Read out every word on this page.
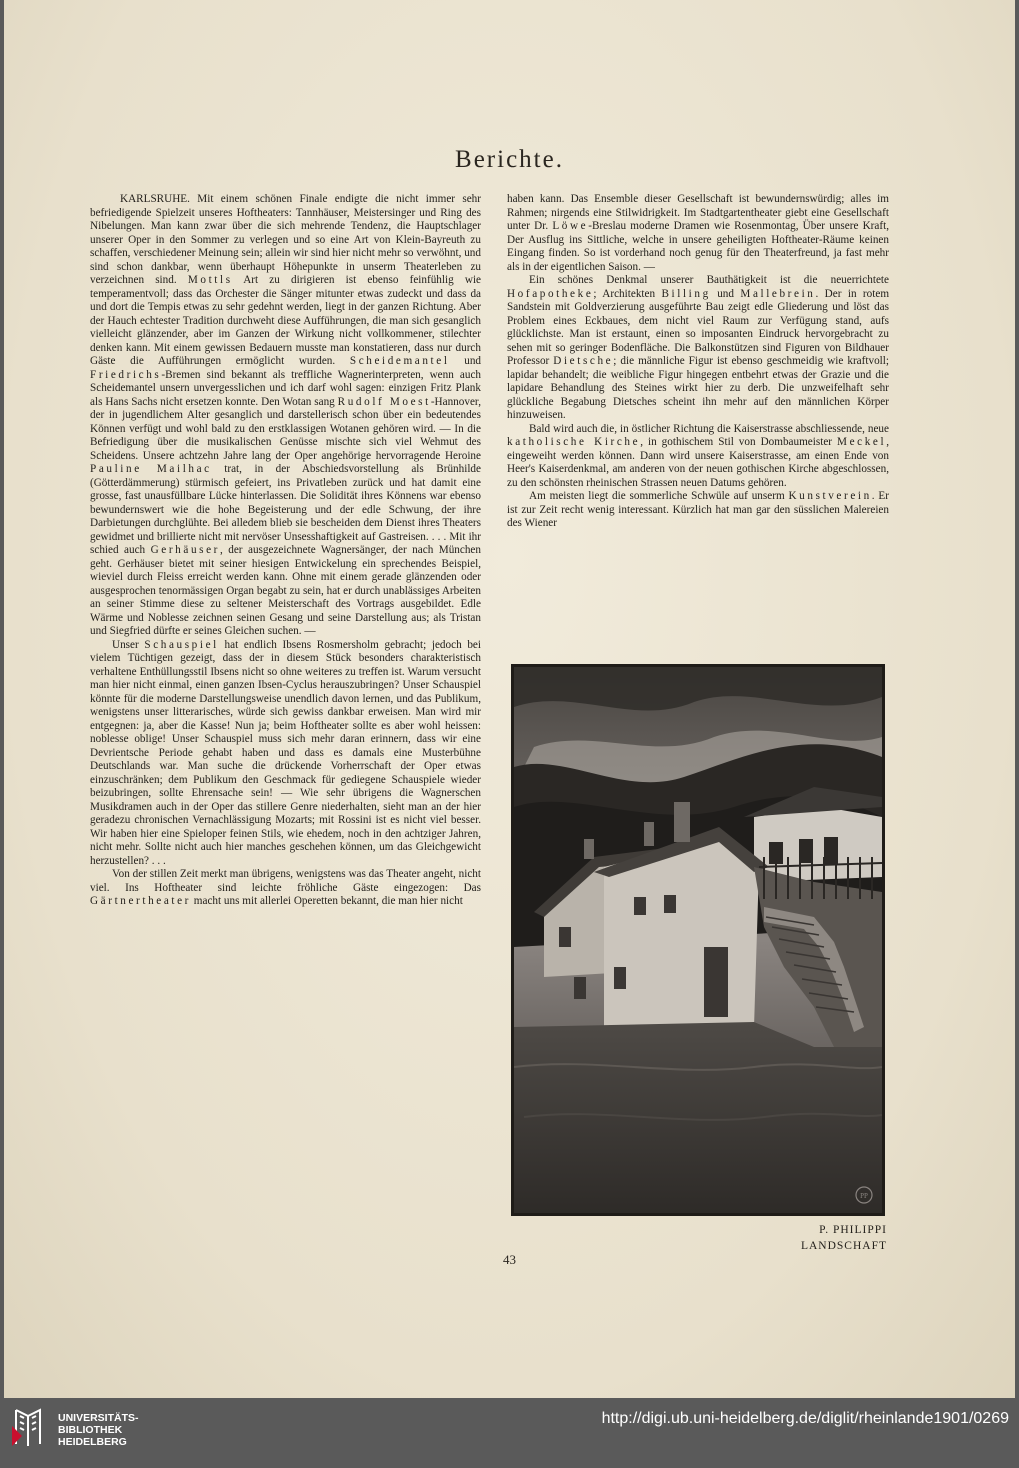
Berichte.

KARLSRUHE. Mit einem schönen Finale endigte die nicht immer sehr befriedigende Spielzeit unseres Hoftheaters: Tannhäuser, Meistersinger und Ring des Nibelungen. Man kann zwar über die sich mehrende Tendenz, die Hauptschlager unserer Oper in den Sommer zu verlegen und so eine Art von Klein-Bayreuth zu schaffen, verschiedener Meinung sein; allein wir sind hier nicht mehr so verwöhnt, und sind schon dankbar, wenn überhaupt Höhepunkte in unserm Theaterleben zu verzeichnen sind. Mottls Art zu dirigieren ist ebenso feinfühlig wie temperamentvoll; dass das Orchester die Sänger mitunter etwas zudeckt und dass da und dort die Tempis etwas zu sehr gedehnt werden, liegt in der ganzen Richtung. Aber der Hauch echtester Tradition durchweht diese Aufführungen, die man sich gesanglich vielleicht glänzender, aber im Ganzen der Wirkung nicht vollkommener, stilechter denken kann. Mit einem gewissen Bedauern musste man konstatieren, dass nur durch Gäste die Aufführungen ermöglicht wurden. Scheidemantel und Friedrichs-Bremen sind bekannt als treffliche Wagnerinterpreten, wenn auch Scheidemantel unsern unvergesslichen und ich darf wohl sagen: einzigen Fritz Plank als Hans Sachs nicht ersetzen konnte. Den Wotan sang Rudolf Moest-Hannover, der in jugendlichem Alter gesanglich und darstellerisch schon über ein bedeutendes Können verfügt und wohl bald zu den erstklassigen Wotanen gehören wird. — In die Befriedigung über die musikalischen Genüsse mischte sich viel Wehmut des Scheidens. Unsere achtzehn Jahre lang der Oper angehörige hervorragende Heroine Pauline Mailhac trat, in der Abschiedsvorstellung als Brünhilde (Götterdämmerung) stürmisch gefeiert, ins Privatleben zurück und hat damit eine grosse, fast unausfüllbare Lücke hinterlassen. Die Solidität ihres Könnens war ebenso bewundernswert wie die hohe Begeisterung und der edle Schwung, der ihre Darbietungen durchglühte. Bei alledem blieb sie bescheiden dem Dienst ihres Theaters gewidmet und brillierte nicht mit nervöser Unsesshaftigkeit auf Gastreisen. . . . Mit ihr schied auch Gerhäuser, der ausgezeichnete Wagnersänger, der nach München geht. Gerhäuser bietet mit seiner hiesigen Entwickelung ein sprechendes Beispiel, wieviel durch Fleiss erreicht werden kann. Ohne mit einem gerade glänzenden oder ausgesprochen tenormässigen Organ begabt zu sein, hat er durch unablässiges Arbeiten an seiner Stimme diese zu seltener Meisterschaft des Vortrags ausgebildet. Edle Wärme und Noblesse zeichnen seinen Gesang und seine Darstellung aus; als Tristan und Siegfried dürfte er seines Gleichen suchen. —

Unser Schauspiel hat endlich Ibsens Rosmersholm gebracht; jedoch bei vielem Tüchtigen gezeigt, dass der in diesem Stück besonders charakteristisch verhaltene Enthüllungsstil Ibsens nicht so ohne weiteres zu treffen ist. Warum versucht man hier nicht einmal, einen ganzen Ibsen-Cyclus herauszubringen? Unser Schauspiel könnte für die moderne Darstellungsweise unendlich davon lernen, und das Publikum, wenigstens unser litterarisches, würde sich gewiss dankbar erweisen. Man wird mir entgegnen: ja, aber die Kasse! Nun ja; beim Hoftheater sollte es aber wohl heissen: noblesse oblige! Unser Schauspiel muss sich mehr daran erinnern, dass wir eine Devrientsche Periode gehabt haben und dass es damals eine Musterbühne Deutschlands war. Man suche die drückende Vorherrschaft der Oper etwas einzuschränken; dem Publikum den Geschmack für gediegene Schauspiele wieder beizubringen, sollte Ehrensache sein! — Wie sehr übrigens die Wagnerschen Musikdramen auch in der Oper das stillere Genre niederhalten, sieht man an der hier geradezu chronischen Vernachlässigung Mozarts; mit Rossini ist es nicht viel besser. Wir haben hier eine Spieloper feinen Stils, wie ehedem, noch in den achtziger Jahren, nicht mehr. Sollte nicht auch hier manches geschehen können, um das Gleichgewicht herzustellen? . . .

Von der stillen Zeit merkt man übrigens, wenigstens was das Theater angeht, nicht viel. Ins Hoftheater sind leichte fröhliche Gäste eingezogen: Das Gärtnertheater macht uns mit allerlei Operetten bekannt, die man hier nicht

haben kann. Das Ensemble dieser Gesellschaft ist bewundernswürdig; alles im Rahmen; nirgends eine Stilwidrigkeit. Im Stadtgartentheater giebt eine Gesellschaft unter Dr. Löwe-Breslau moderne Dramen wie Rosenmontag, Über unsere Kraft, Der Ausflug ins Sittliche, welche in unsere geheiligten Hoftheater-Räume keinen Eingang finden. So ist vorderhand noch genug für den Theaterfreund, ja fast mehr als in der eigentlichen Saison. —

Ein schönes Denkmal unserer Bauthätigkeit ist die neuerrichtete Hofapotheke; Architekten Billing und Mallebrein. Der in rotem Sandstein mit Goldverzierung ausgeführte Bau zeigt edle Gliederung und löst das Problem eines Eckbaues, dem nicht viel Raum zur Verfügung stand, aufs glücklichste. Man ist erstaunt, einen so imposanten Eindruck hervorgebracht zu sehen mit so geringer Bodenfläche. Die Balkonstützen sind Figuren von Bildhauer Professor Dietsche; die männliche Figur ist ebenso geschmeidig wie kraftvoll; lapidar behandelt; die weibliche Figur hingegen entbehrt etwas der Grazie und die lapidare Behandlung des Steines wirkt hier zu derb. Die unzweifelhaft sehr glückliche Begabung Dietsches scheint ihn mehr auf den männlichen Körper hinzuweisen.

Bald wird auch die, in östlicher Richtung die Kaiserstrasse abschliessende, neue katholische Kirche, in gothischem Stil von Dombaumeister Meckel, eingeweiht werden können. Dann wird unsere Kaiserstrasse, am einen Ende von Heer's Kaiserdenkmal, am anderen von der neuen gothischen Kirche abgeschlossen, zu den schönsten rheinischen Strassen neuen Datums gehören.

Am meisten liegt die sommerliche Schwüle auf unserm Kunstverein. Er ist zur Zeit recht wenig interessant. Kürzlich hat man gar den süsslichen Malereien des Wiener

PP
P. PHILIPPI
LANDSCHAFT
43
UNIVERSITÄTS-
BIBLIOTHEK
HEIDELBERG
http://digi.ub.uni-heidelberg.de/diglit/rheinlande1901/0269
